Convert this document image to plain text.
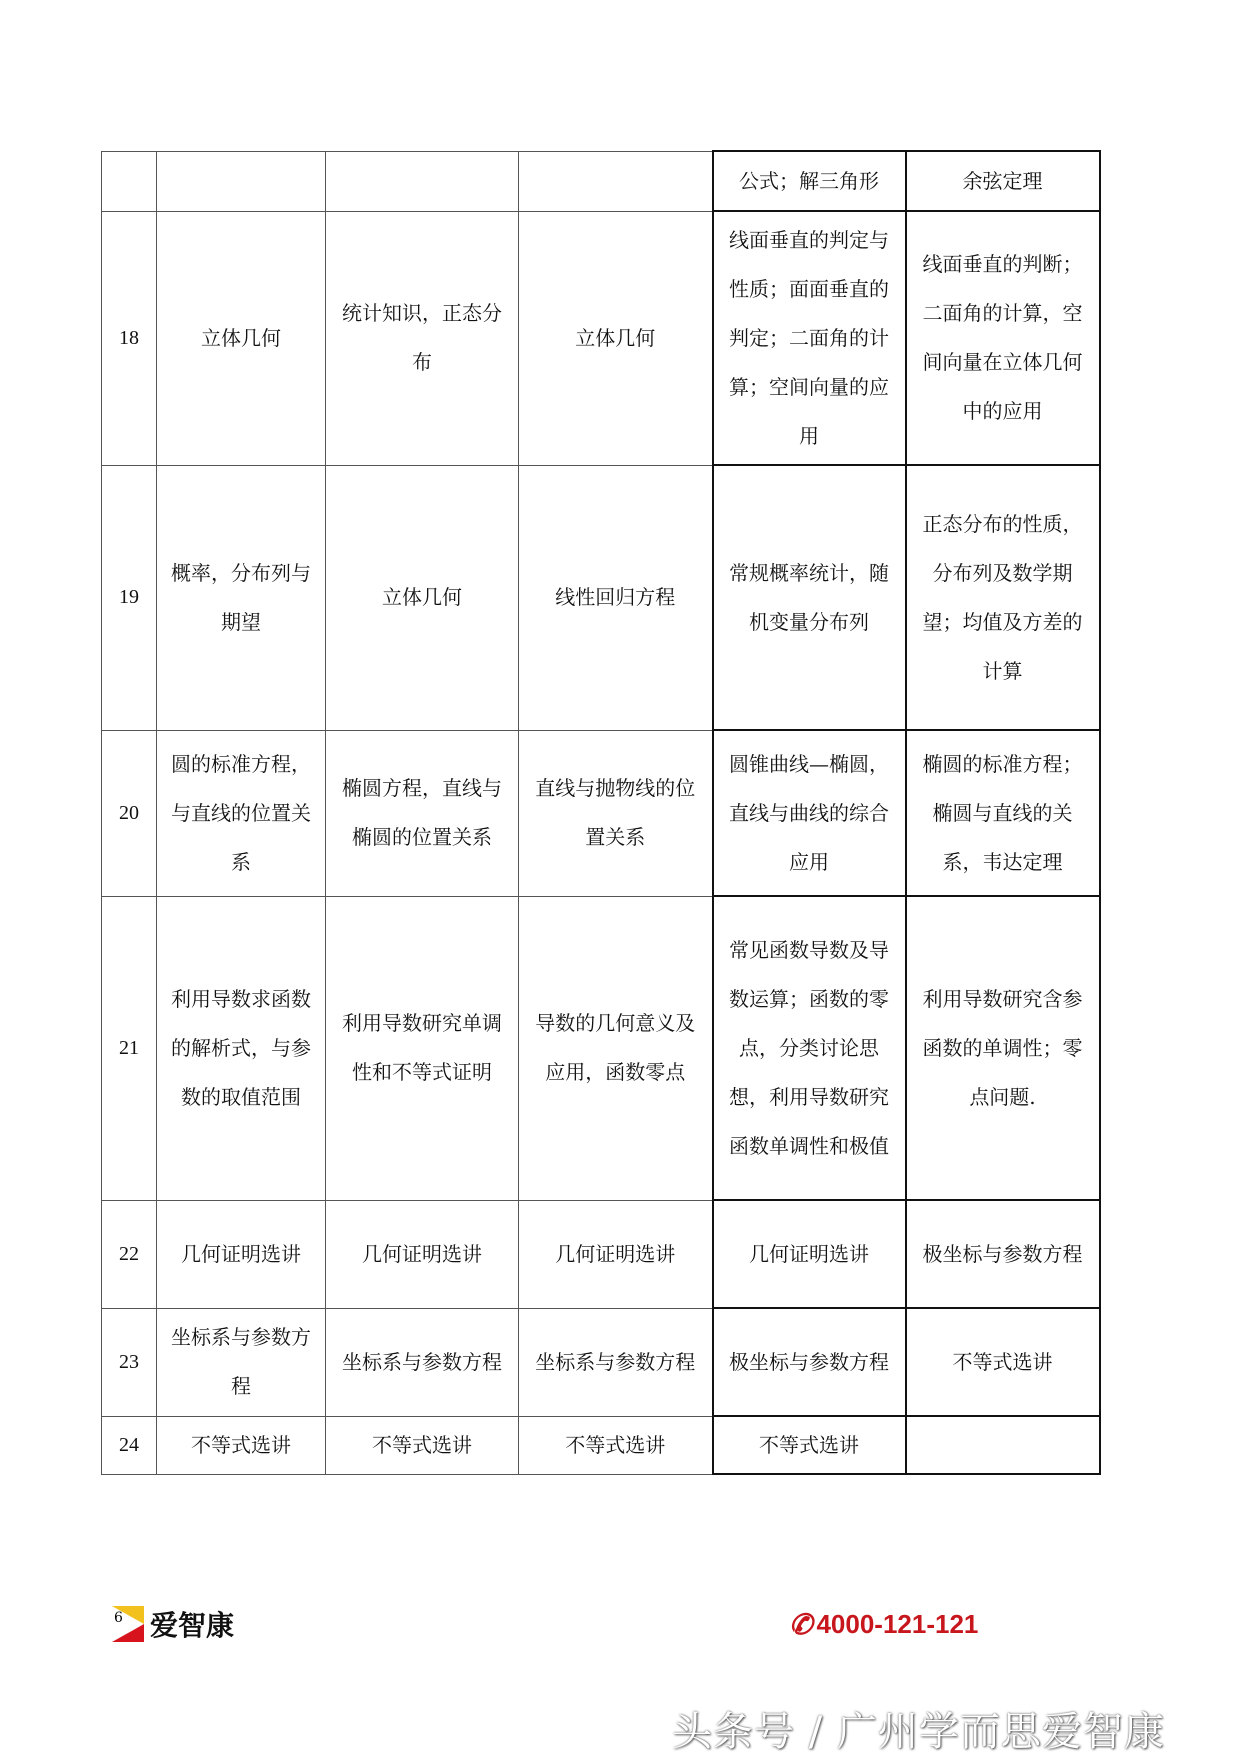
				公式；解三角形	余弦定理
18	立体几何	统计知识，正态分布	立体几何	线面垂直的判定与性质；面面垂直的判定；二面角的计算；空间向量的应用	线面垂直的判断；二面角的计算，空间向量在立体几何中的应用
19	概率，分布列与期望	立体几何	线性回归方程	常规概率统计，随机变量分布列	正态分布的性质，分布列及数学期望；均值及方差的计算
20	圆的标准方程，与直线的位置关系	椭圆方程，直线与椭圆的位置关系	直线与抛物线的位置关系	圆锥曲线—椭圆，直线与曲线的综合应用	椭圆的标准方程；椭圆与直线的关系，韦达定理
21	利用导数求函数的解析式，与参数的取值范围	利用导数研究单调性和不等式证明	导数的几何意义及应用，函数零点	常见函数导数及导数运算；函数的零点，分类讨论思想，利用导数研究函数单调性和极值	利用导数研究含参函数的单调性；零点问题.
22	几何证明选讲	几何证明选讲	几何证明选讲	几何证明选讲	极坐标与参数方程
23	坐标系与参数方程	坐标系与参数方程	坐标系与参数方程	极坐标与参数方程	不等式选讲
24	不等式选讲	不等式选讲	不等式选讲	不等式选讲	
6 爱智康	✆ 4000-121-121
头条号 / 广州学而思爱智康
